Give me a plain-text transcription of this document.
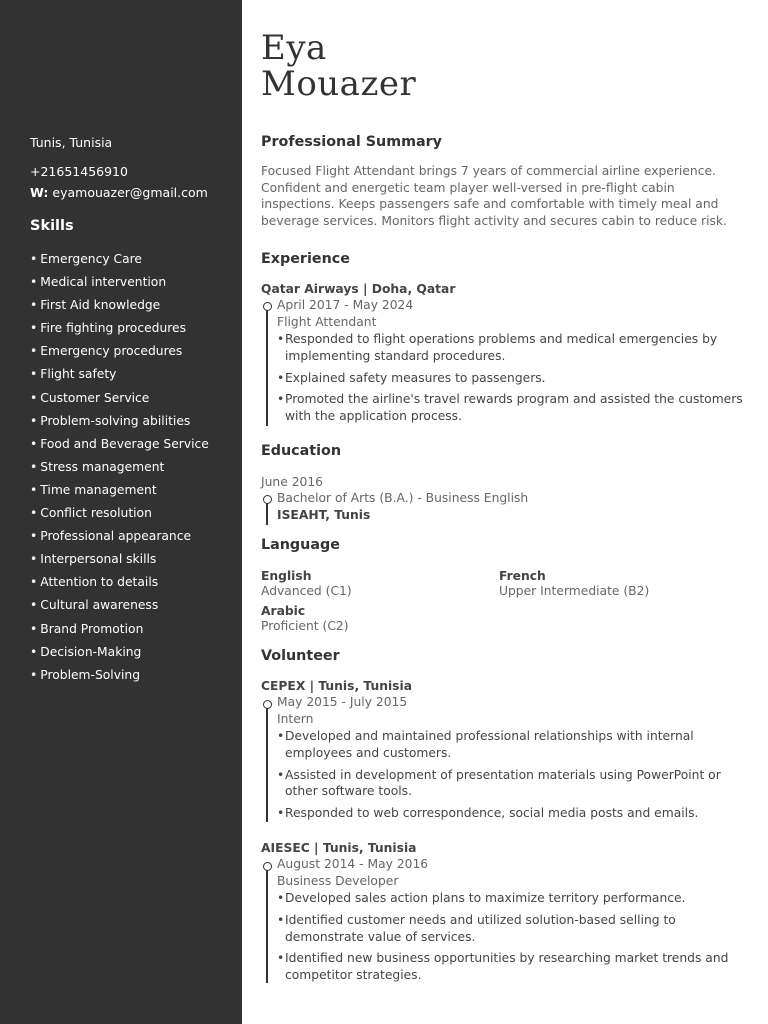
Tunis, Tunisia
+21651456910
W: eyamouazer@gmail.com
Skills
• Emergency Care
• Medical intervention
• First Aid knowledge
• Fire fighting procedures
• Emergency procedures
• Flight safety
• Customer Service
• Problem-solving abilities
• Food and Beverage Service
• Stress management
• Time management
• Conflict resolution
• Professional appearance
• Interpersonal skills
• Attention to details
• Cultural awareness
• Brand Promotion
• Decision-Making
• Problem-Solving
Eya
Mouazer
Professional Summary

Focused Flight Attendant brings 7 years of commercial airline experience. Confident and energetic team player well-versed in pre-flight cabin inspections. Keeps passengers safe and comfortable with timely meal and beverage services. Monitors flight activity and secures cabin to reduce risk.

Experience
Qatar Airways | Doha, Qatar
April 2017 - May 2024
Flight Attendant
• Responded to flight operations problems and medical emergencies by implementing standard procedures.
• Explained safety measures to passengers.
• Promoted the airline's travel rewards program and assisted the customers with the application process.
Education
June 2016
Bachelor of Arts (B.A.) - Business English
ISEAHT, Tunis
Language
English
Advanced (C1)
French
Upper Intermediate (B2)
Arabic
Proficient (C2)
Volunteer
CEPEX | Tunis, Tunisia
May 2015 - July 2015
Intern
• Developed and maintained professional relationships with internal employees and customers.
• Assisted in development of presentation materials using PowerPoint or other software tools.
• Responded to web correspondence, social media posts and emails.
AIESEC | Tunis, Tunisia
August 2014 - May 2016
Business Developer
• Developed sales action plans to maximize territory performance.
• Identified customer needs and utilized solution-based selling to demonstrate value of services.
• Identified new business opportunities by researching market trends and competitor strategies.
